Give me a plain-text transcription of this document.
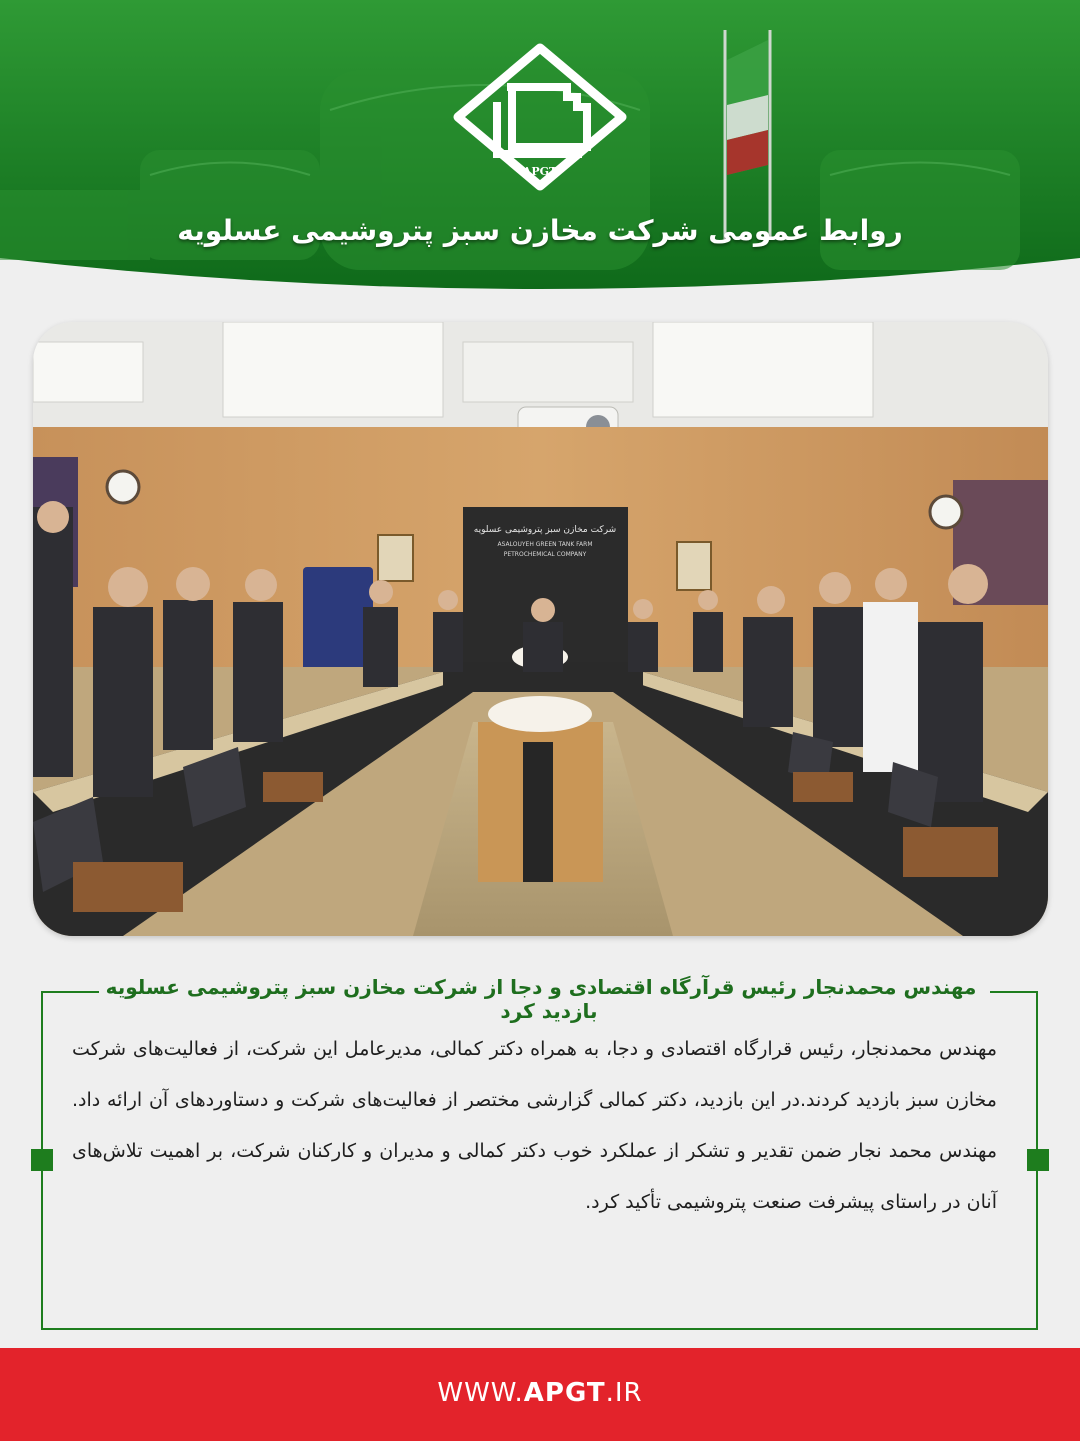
APGT
روابط عمومی شرکت مخازن سبز پتروشیمی عسلویه
شرکت مخازن سبز پتروشیمی عسلویه
ASALOUYEH GREEN TANK FARM
PETROCHEMICAL COMPANY
مهندس محمدنجار رئیس قرآرگاه اقتصادی و دجا از شرکت مخازن سبز پتروشیمی عسلویه بازدید کرد
مهندس محمدنجار، رئیس قرارگاه اقتصادی و دجا، به همراه دکتر کمالی، مدیرعامل این شرکت، از فعالیت‌های شرکت مخازن سبز بازدید کردند.در این بازدید، دکتر کمالی گزارشی مختصر از فعالیت‌های شرکت و دستاوردهای آن ارائه داد. مهندس محمد نجار ضمن تقدیر و تشکر از عملکرد خوب دکتر کمالی و مدیران و کارکنان شرکت، بر اهمیت تلاش‌های آنان در راستای پیشرفت صنعت پتروشیمی تأکید کرد.
WWW.APGT.IR
